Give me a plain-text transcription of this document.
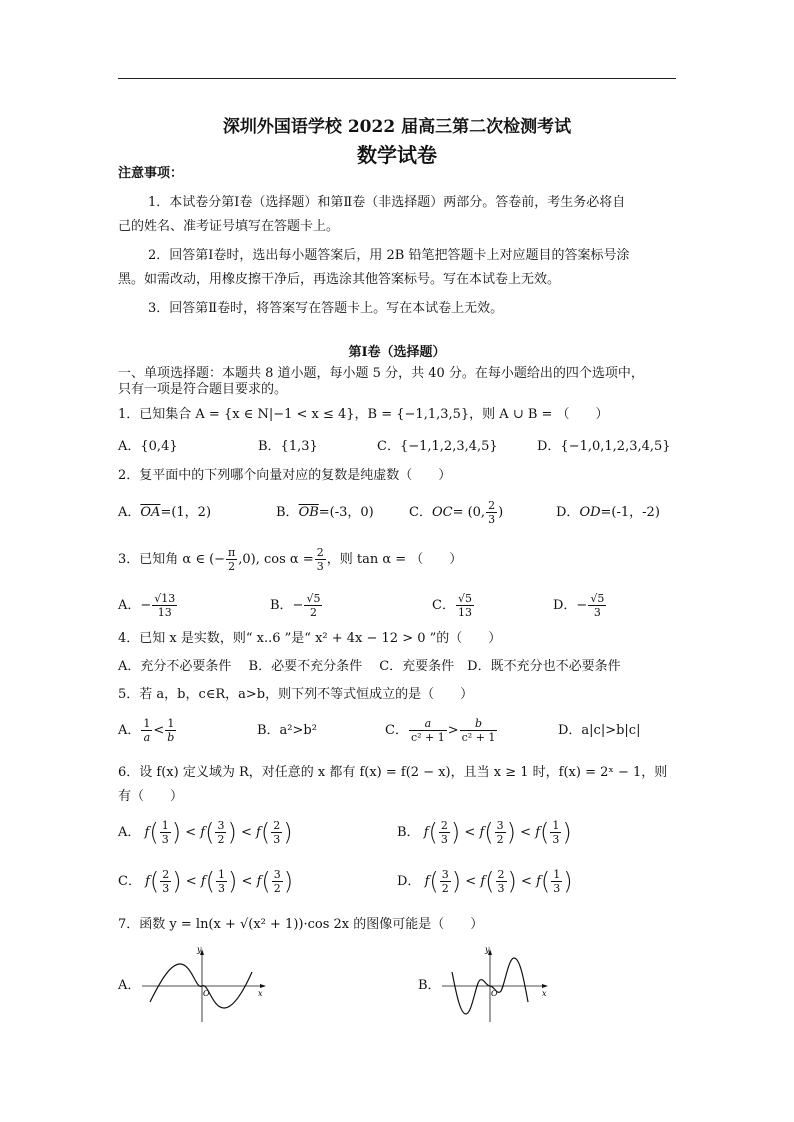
深圳外国语学校 2022 届高三第二次检测考试
数学试卷
注意事项：
1．本试卷分第Ⅰ卷（选择题）和第Ⅱ卷（非选择题）两部分。答卷前，考生务必将自
己的姓名、准考证号填写在答题卡上。
2．回答第Ⅰ卷时，选出每小题答案后，用 2B 铅笔把答题卡上对应题目的答案标号涂
黑。如需改动，用橡皮擦干净后，再选涂其他答案标号。写在本试卷上无效。
3．回答第Ⅱ卷时，将答案写在答题卡上。写在本试卷上无效。
第Ⅰ卷（选择题）
一、单项选择题：本题共 8 道小题，每小题 5 分，共 40 分。在每小题给出的四个选项中，
只有一项是符合题目要求的。
1．已知集合 A = {x ∈ N|−1 < x ≤ 4}，B = {−1,1,3,5}，则 A ∪ B = （　　）
A．{0,4}	B．{1,3}	C．{−1,1,2,3,4,5}	D．{−1,0,1,2,3,4,5}
2．复平面中的下列哪个向量对应的复数是纯虚数（　　）
A．$\overline{OA}=(1$，2)	B．$\overline{OB}=(-3$，0)	C．OC= (0, $\frac{2}{3}$ )	D．OD=(-1，-2)
3．已知角 α ∈ (− $\frac{\pi}{2} ,0$), $\cos \alpha = \frac{2}{3}$ ，则 tan α = （　　）
A．− $\frac{√13}{13}$	B．− $\frac{√5}{2}$	C． $\frac{√5}{13}$	D．− $\frac{√5}{3}$
4．已知 x 是实数，则“ x..6 ”是“ x² + 4x − 12 > 0 ”的（　　）
A．充分不必要条件　 B．必要不充分条件　 C．充要条件　D．既不充分也不必要条件
5．若 a，b，c∈R，a>b，则下列不等式恒成立的是（　　）
A． $\frac{1}{a} < \frac{1}{b}$	B．a²>b²	C． $\frac{a}{\text{c² + 1}} > \frac{b}{\text{c² + 1}}$	D．a|c|>b|c|
6．设 f(x) 定义域为 R，对任意的 x 都有 f(x) = f(2 − x)，且当 x ≥ 1 时，f(x) = 2ˣ − 1，则
有（　　）
A． $f( \frac{1}{3}$ ) < $f( \frac{3}{2}$ ) < $f( \frac{2}{3}$ )	B． $f( \frac{2}{3}$ ) < $f( \frac{3}{2}$ ) < $f( \frac{1}{3}$ )
C． $f( \frac{2}{3}$ ) < $f( \frac{1}{3}$ ) < $f( \frac{3}{2}$ )	D． $f( \frac{3}{2}$ ) < $f( \frac{2}{3}$ ) < $f( \frac{1}{3}$ )
7．函数 y = ln(x + √(x² + 1))·cos 2x 的图像可能是（　　）
A．
y
x
O
B．
y
x
O
